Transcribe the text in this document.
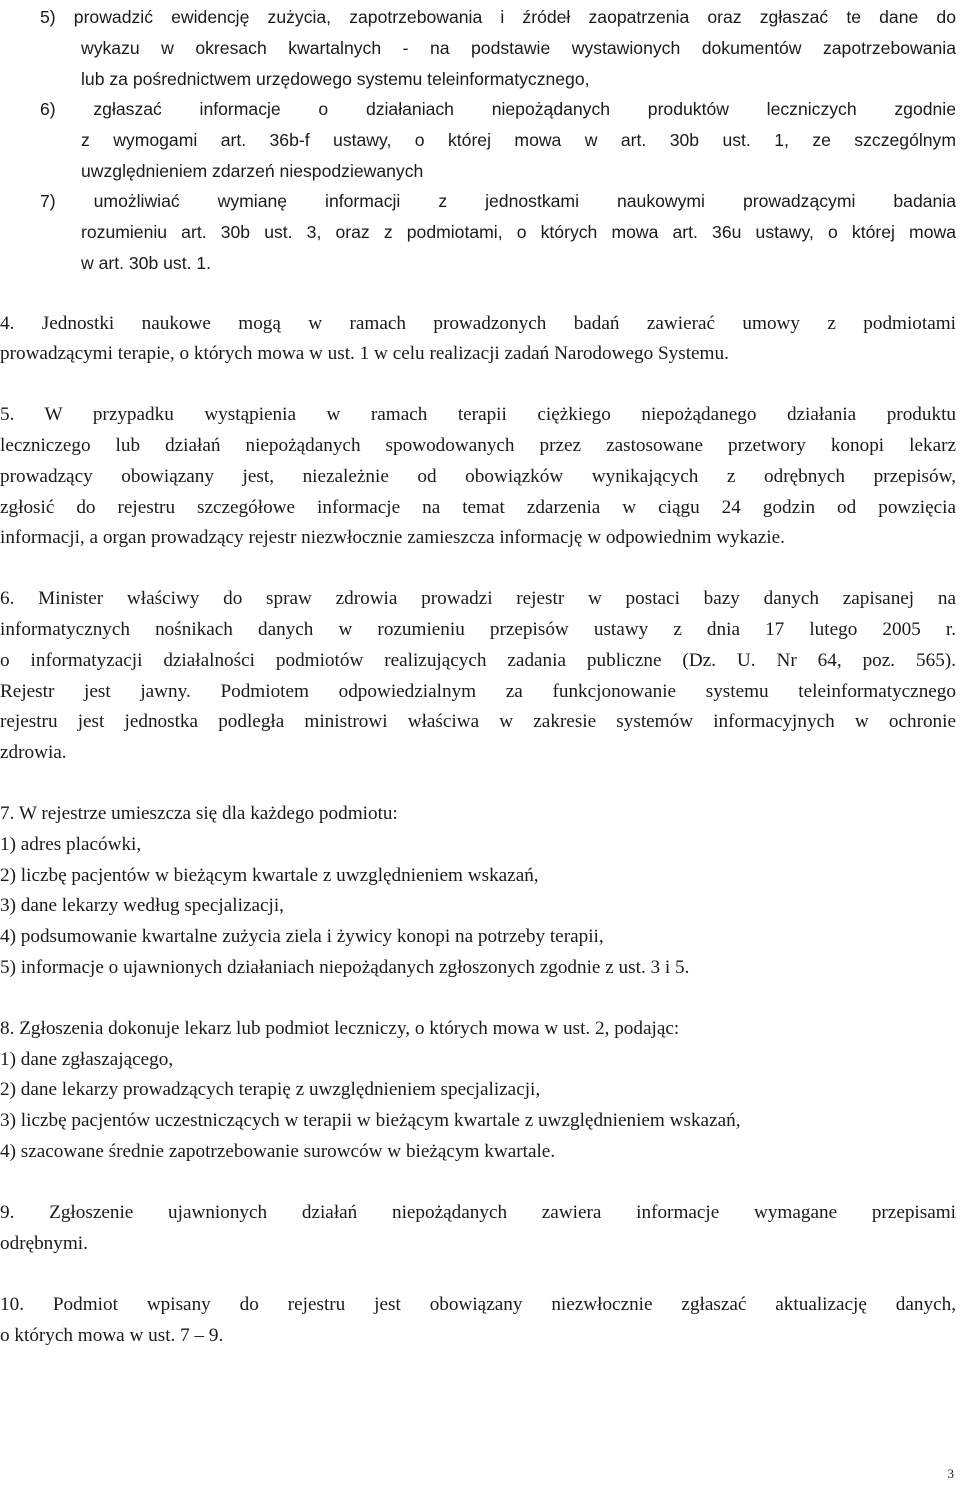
5) prowadzić ewidencję zużycia, zapotrzebowania i źródeł zaopatrzenia oraz zgłaszać te dane do
wykazu w okresach kwartalnych - na podstawie wystawionych dokumentów zapotrzebowania
lub za pośrednictwem urzędowego systemu teleinformatycznego,
6) zgłaszać informacje o działaniach niepożądanych produktów leczniczych zgodnie
z wymogami art. 36b-f ustawy, o której mowa w art. 30b ust. 1, ze szczególnym
uwzględnieniem zdarzeń niespodziewanych
7) umożliwiać wymianę informacji z jednostkami naukowymi prowadzącymi badania
rozumieniu art. 30b ust. 3, oraz z podmiotami, o których mowa art. 36u ustawy, o której mowa
w art. 30b ust. 1.
4. Jednostki naukowe mogą w ramach prowadzonych badań zawierać umowy z podmiotami
prowadzącymi terapie, o których mowa w ust. 1 w celu realizacji zadań Narodowego Systemu.
5. W przypadku wystąpienia w ramach terapii ciężkiego niepożądanego działania produktu
leczniczego lub działań niepożądanych spowodowanych przez zastosowane przetwory konopi lekarz
prowadzący obowiązany jest, niezależnie od obowiązków wynikających z odrębnych przepisów,
zgłosić do rejestru szczegółowe informacje na temat zdarzenia w ciągu 24 godzin od powzięcia
informacji, a organ prowadzący rejestr niezwłocznie zamieszcza informację w odpowiednim wykazie.
6. Minister właściwy do spraw zdrowia prowadzi rejestr w postaci bazy danych zapisanej na
informatycznych nośnikach danych w rozumieniu przepisów ustawy z dnia 17 lutego 2005 r.
o informatyzacji działalności podmiotów realizujących zadania publiczne (Dz. U. Nr 64, poz. 565).
Rejestr jest jawny. Podmiotem odpowiedzialnym za funkcjonowanie systemu teleinformatycznego
rejestru jest jednostka podległa ministrowi właściwa w zakresie systemów informacyjnych w ochronie
zdrowia.
7. W rejestrze umieszcza się dla każdego podmiotu:
1) adres placówki,
2) liczbę pacjentów w bieżącym kwartale z uwzględnieniem wskazań,
3) dane lekarzy według specjalizacji,
4) podsumowanie kwartalne zużycia ziela i żywicy konopi na potrzeby terapii,
5) informacje o ujawnionych działaniach niepożądanych zgłoszonych zgodnie z ust. 3 i 5.
8. Zgłoszenia dokonuje lekarz lub podmiot leczniczy, o których mowa w ust. 2, podając:
1) dane zgłaszającego,
2) dane lekarzy prowadzących terapię z uwzględnieniem specjalizacji,
3) liczbę pacjentów uczestniczących w terapii w bieżącym kwartale z uwzględnieniem wskazań,
4) szacowane średnie zapotrzebowanie surowców w bieżącym kwartale.
9. Zgłoszenie ujawnionych działań niepożądanych zawiera informacje wymagane przepisami
odrębnymi.
10. Podmiot wpisany do rejestru jest obowiązany niezwłocznie zgłaszać aktualizację danych,
o których mowa w ust. 7 – 9.
3
